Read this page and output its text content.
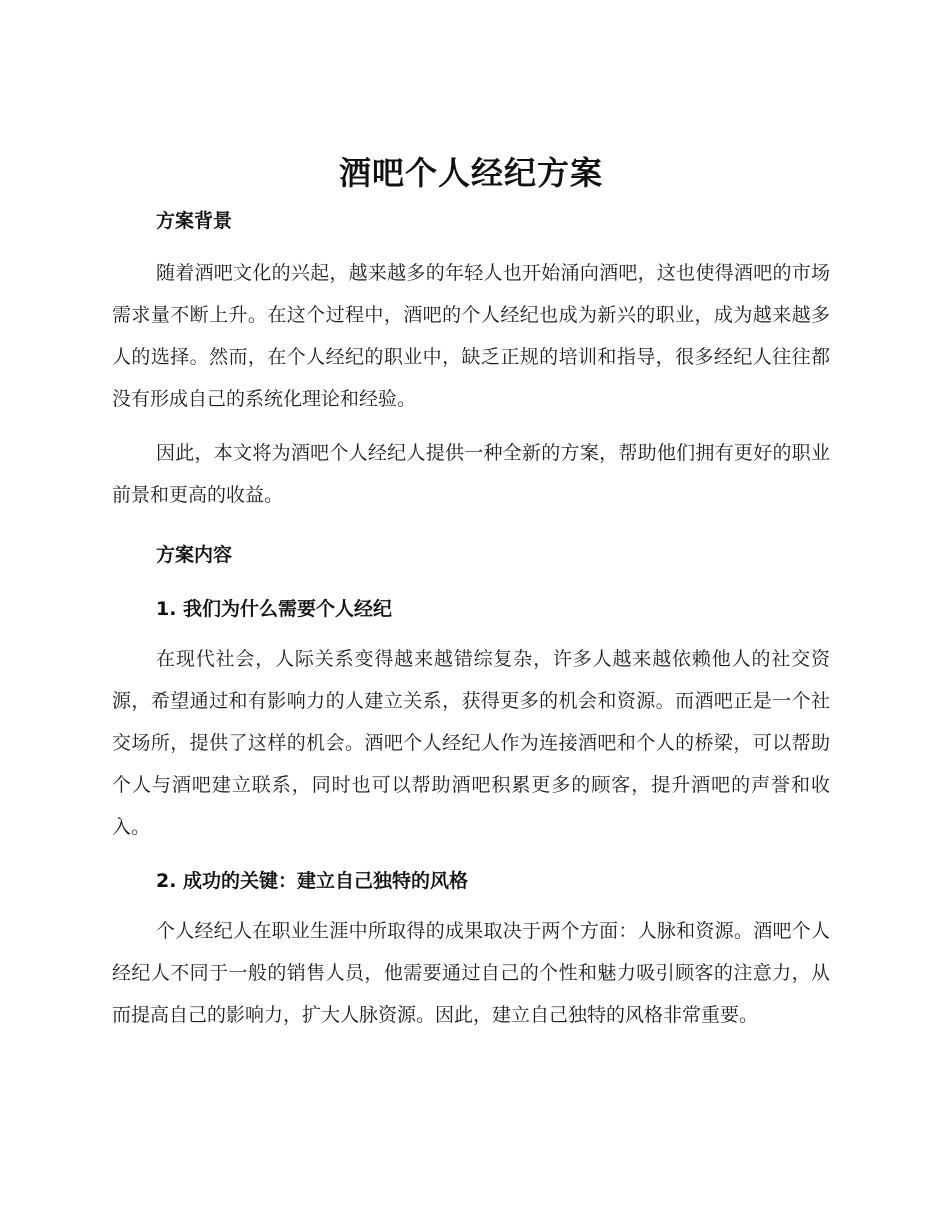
酒吧个人经纪方案
方案背景

随着酒吧文化的兴起，越来越多的年轻人也开始涌向酒吧，这也使得酒吧的市场需求量不断上升。在这个过程中，酒吧的个人经纪也成为新兴的职业，成为越来越多人的选择。然而，在个人经纪的职业中，缺乏正规的培训和指导，很多经纪人往往都没有形成自己的系统化理论和经验。

因此，本文将为酒吧个人经纪人提供一种全新的方案，帮助他们拥有更好的职业前景和更高的收益。

方案内容
1. 我们为什么需要个人经纪

在现代社会，人际关系变得越来越错综复杂，许多人越来越依赖他人的社交资源，希望通过和有影响力的人建立关系，获得更多的机会和资源。而酒吧正是一个社交场所，提供了这样的机会。酒吧个人经纪人作为连接酒吧和个人的桥梁，可以帮助个人与酒吧建立联系，同时也可以帮助酒吧积累更多的顾客，提升酒吧的声誉和收入。

2. 成功的关键：建立自己独特的风格

个人经纪人在职业生涯中所取得的成果取决于两个方面：人脉和资源。酒吧个人经纪人不同于一般的销售人员，他需要通过自己的个性和魅力吸引顾客的注意力，从而提高自己的影响力，扩大人脉资源。因此，建立自己独特的风格非常重要。
